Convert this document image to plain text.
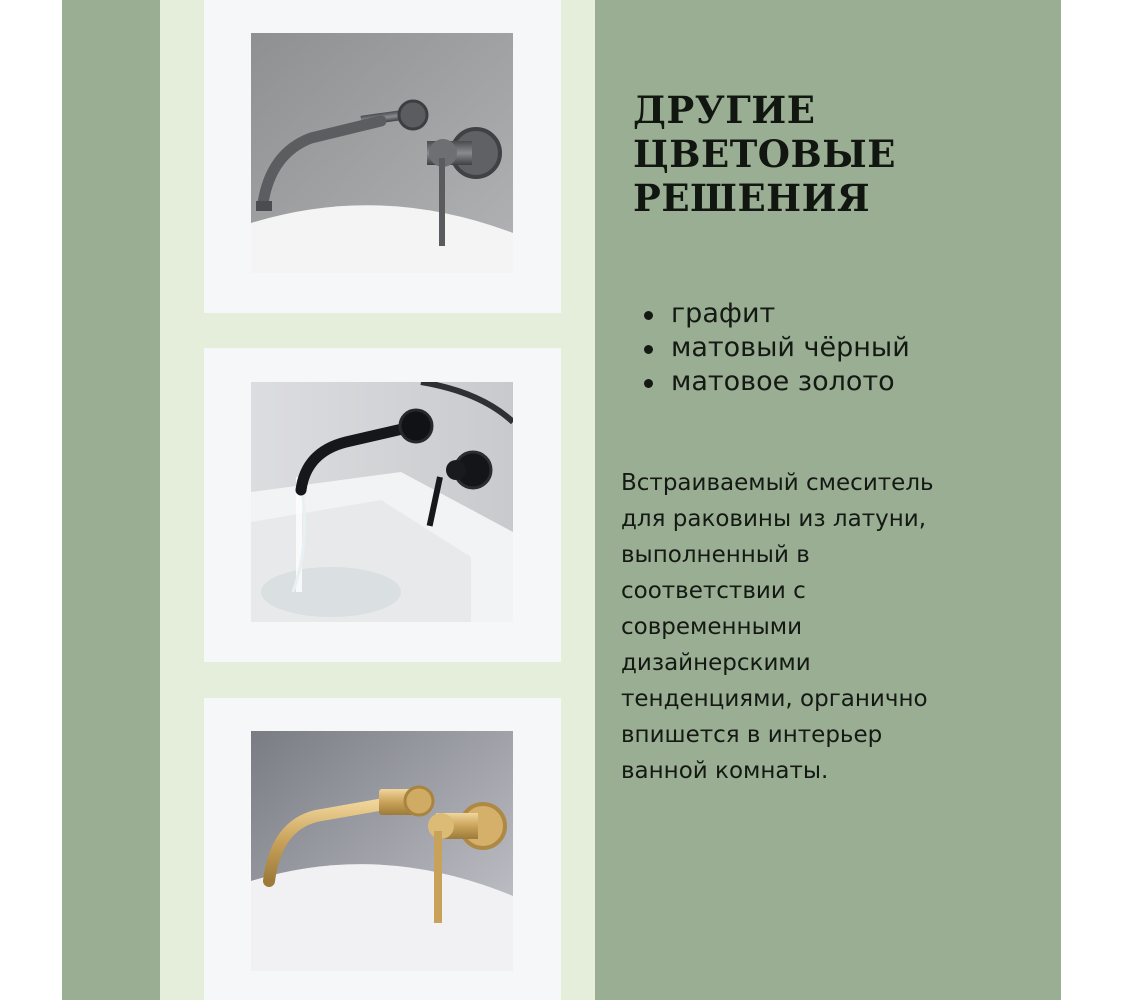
ДРУГИЕ
ЦВЕТОВЫЕ
РЕШЕНИЯ
графит
матовый чёрный
матовое золото

Встраиваемый смеситель для раковины из латуни, выполненный в соответствии с современными дизайнерскими тенденциями, органично впишется в интерьер ванной комнаты.
